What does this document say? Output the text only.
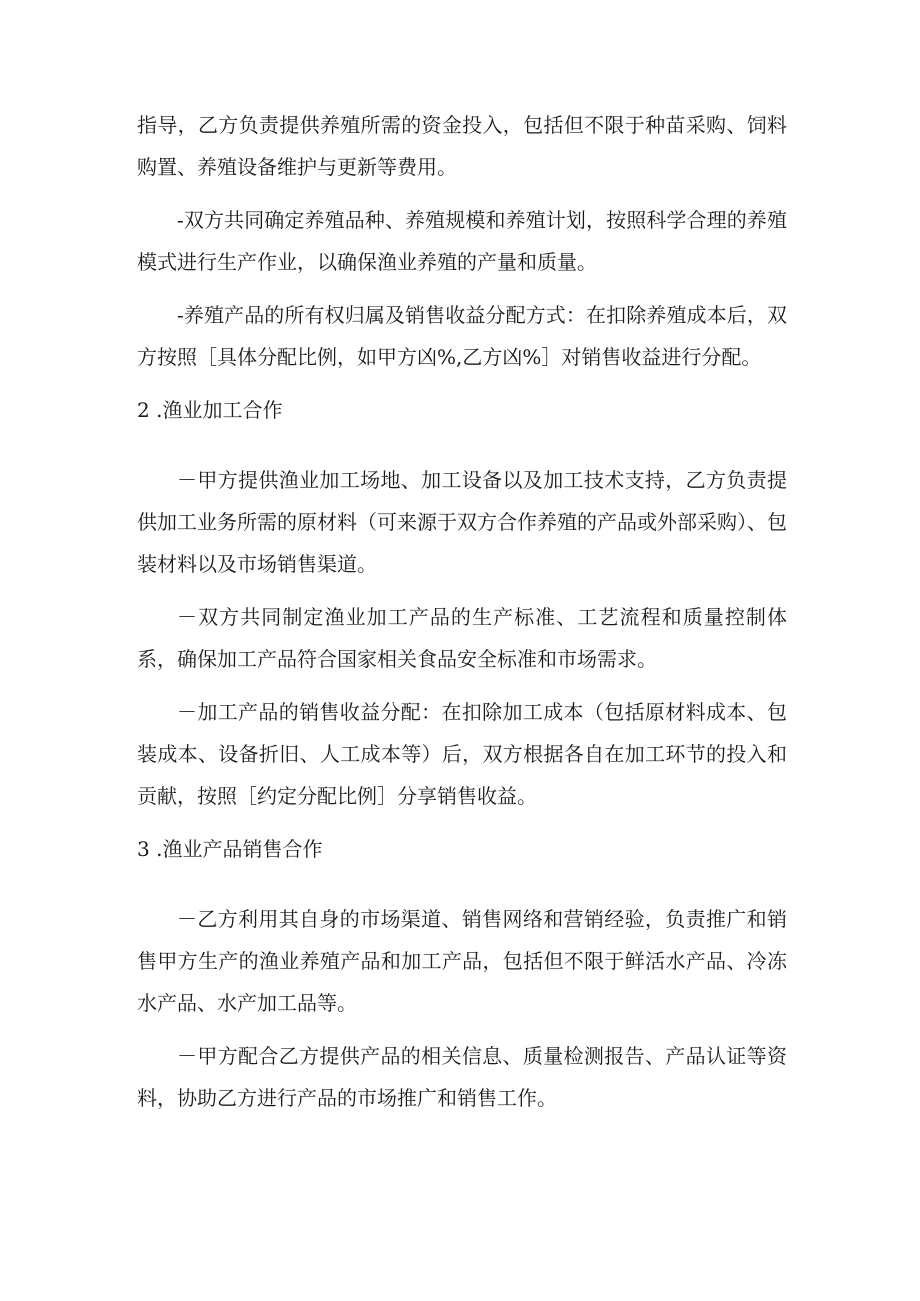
指导，乙方负责提供养殖所需的资金投入，包括但不限于种苗采购、饲料购置、养殖设备维护与更新等费用。

-双方共同确定养殖品种、养殖规模和养殖计划，按照科学合理的养殖模式进行生产作业，以确保渔业养殖的产量和质量。

-养殖产品的所有权归属及销售收益分配方式：在扣除养殖成本后，双方按照［具体分配比例，如甲方凶%,乙方凶%］对销售收益进行分配。

2 .渔业加工合作

－甲方提供渔业加工场地、加工设备以及加工技术支持，乙方负责提供加工业务所需的原材料（可来源于双方合作养殖的产品或外部采购）、包装材料以及市场销售渠道。

－双方共同制定渔业加工产品的生产标准、工艺流程和质量控制体系，确保加工产品符合国家相关食品安全标准和市场需求。

－加工产品的销售收益分配：在扣除加工成本（包括原材料成本、包装成本、设备折旧、人工成本等）后，双方根据各自在加工环节的投入和贡献，按照［约定分配比例］分享销售收益。

3 .渔业产品销售合作

－乙方利用其自身的市场渠道、销售网络和营销经验，负责推广和销售甲方生产的渔业养殖产品和加工产品，包括但不限于鲜活水产品、冷冻水产品、水产加工品等。

－甲方配合乙方提供产品的相关信息、质量检测报告、产品认证等资料，协助乙方进行产品的市场推广和销售工作。
